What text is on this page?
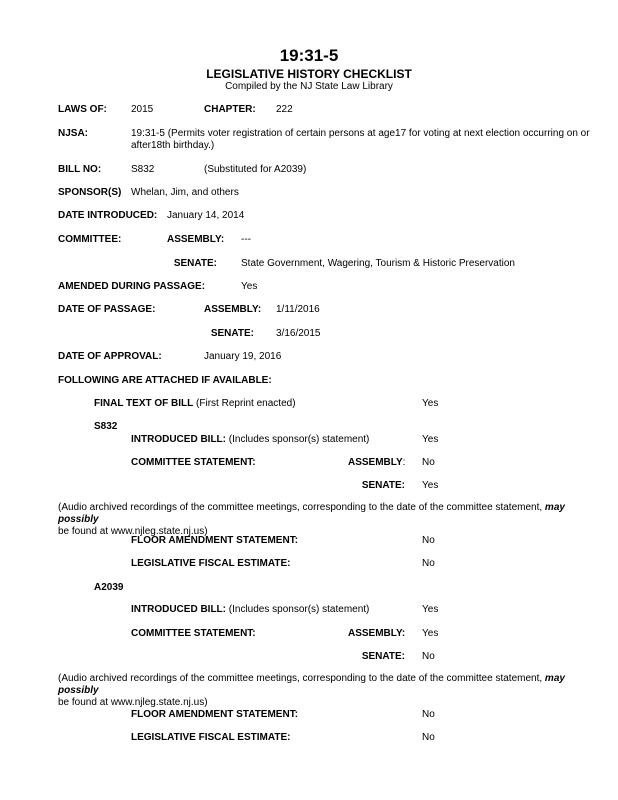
19:31-5
LEGISLATIVE HISTORY CHECKLIST
Compiled by the NJ State Law Library
LAWS OF: 2015	CHAPTER: 222
NJSA:	19:31-5 (Permits voter registration of certain persons at age17 for voting at next election occurring on or
after18th birthday.)
BILL NO:	S832	(Substituted for A2039)
SPONSOR(S) Whelan, Jim, and others
DATE INTRODUCED: January 14, 2014
COMMITTEE:	ASSEMBLY: ---
SENATE: State Government, Wagering, Tourism & Historic Preservation
AMENDED DURING PASSAGE:	Yes
DATE OF PASSAGE:	ASSEMBLY: 1/11/2016
SENATE: 3/16/2015
DATE OF APPROVAL:	January 19, 2016
FOLLOWING ARE ATTACHED IF AVAILABLE:
FINAL TEXT OF BILL (First Reprint enacted)	Yes
S832
INTRODUCED BILL: (Includes sponsor(s) statement)	Yes
COMMITTEE STATEMENT:	ASSEMBLY: No
SENATE: Yes
(Audio archived recordings of the committee meetings, corresponding to the date of the committee statement, may possibly
be found at www.njleg.state.nj.us)
FLOOR AMENDMENT STATEMENT:	No
LEGISLATIVE FISCAL ESTIMATE:	No
A2039
INTRODUCED BILL: (Includes sponsor(s) statement)	Yes
COMMITTEE STATEMENT:	ASSEMBLY: Yes
SENATE: No
(Audio archived recordings of the committee meetings, corresponding to the date of the committee statement, may possibly
be found at www.njleg.state.nj.us)
FLOOR AMENDMENT STATEMENT:	No
LEGISLATIVE FISCAL ESTIMATE:	No
